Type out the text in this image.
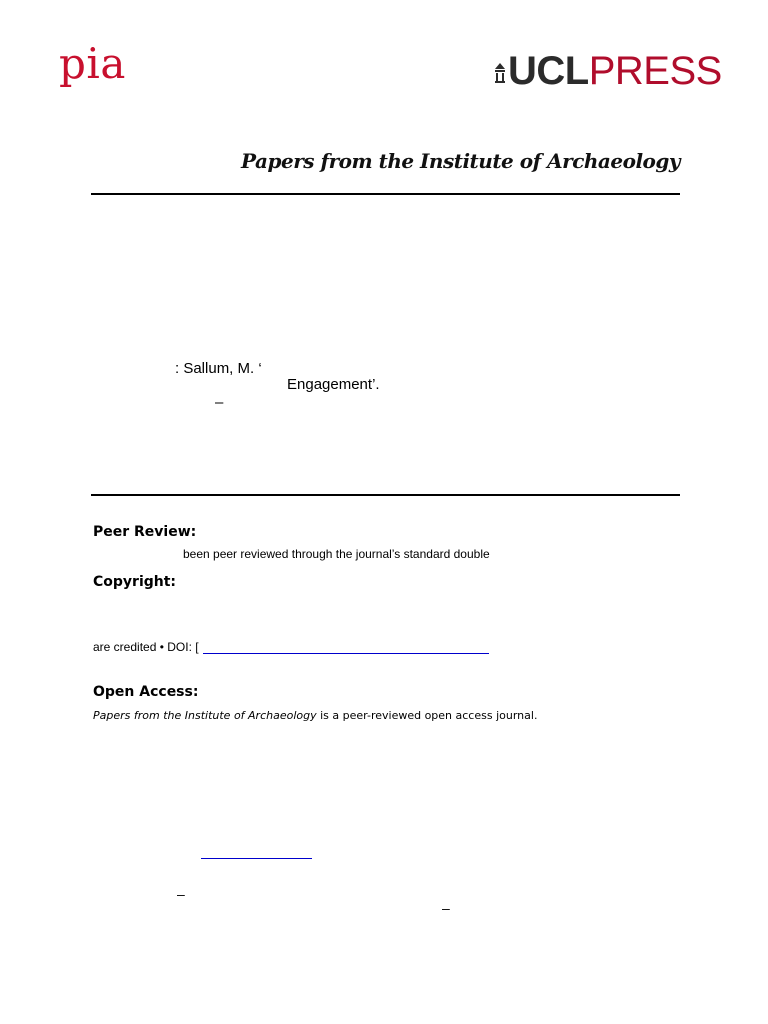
pia	UCL PRESS
Papers from the Institute of Archaeology
: Sallum, M. ‘
Engagement’.
–
Peer Review:
been peer reviewed through the journal’s standard double
Copyright:
are credited • DOI: [
Open Access:
Papers from the Institute of Archaeology is a peer-reviewed open access journal.
–
–
